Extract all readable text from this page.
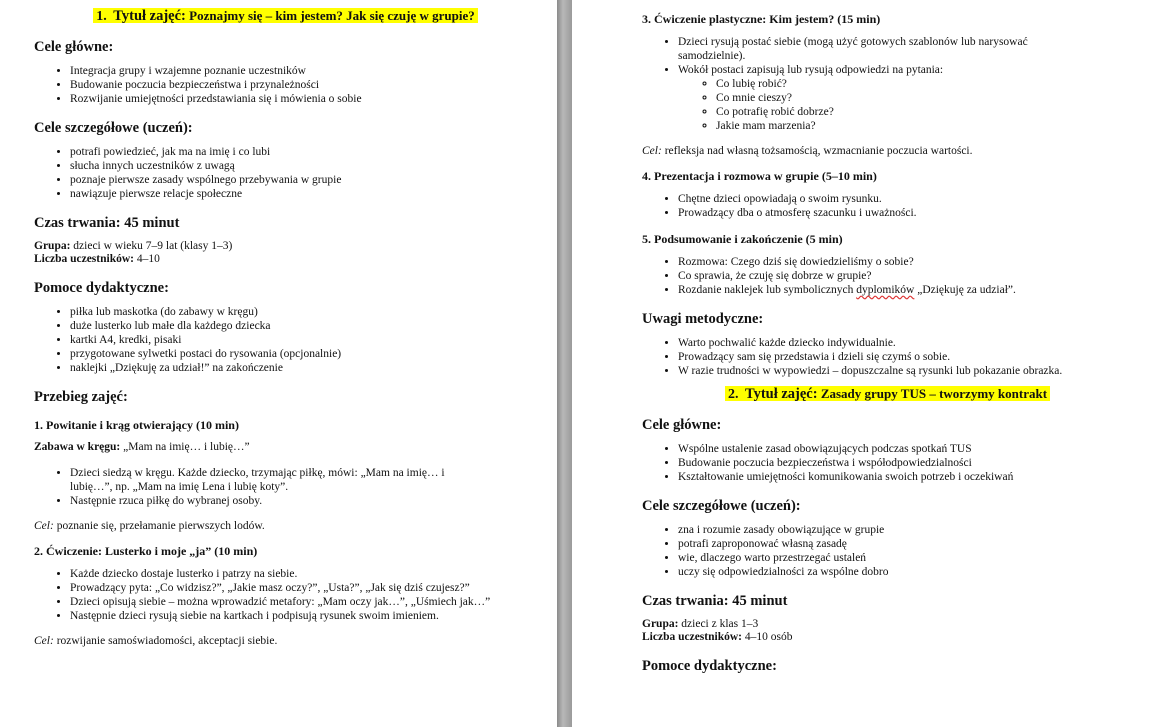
1. Tytuł zajęć: Poznajmy się – kim jestem? Jak się czuję w grupie?

Cele główne:
• Integracja grupy i wzajemne poznanie uczestników
• Budowanie poczucia bezpieczeństwa i przynależności
• Rozwijanie umiejętności przedstawiania się i mówienia o sobie
Cele szczegółowe (uczeń):
• potrafi powiedzieć, jak ma na imię i co lubi
• słucha innych uczestników z uwagą
• poznaje pierwsze zasady wspólnego przebywania w grupie
• nawiązuje pierwsze relacje społeczne
Czas trwania: 45 minut

Grupa: dzieci w wieku 7–9 lat (klasy 1–3)

Liczba uczestników: 4–10

Pomoce dydaktyczne:
• piłka lub maskotka (do zabawy w kręgu)
• duże lusterko lub małe dla każdego dziecka
• kartki A4, kredki, pisaki
• przygotowane sylwetki postaci do rysowania (opcjonalnie)
• naklejki „Dziękuję za udział!” na zakończenie
Przebieg zajęć:
1. Powitanie i krąg otwierający (10 min)

Zabawa w kręgu: „Mam na imię… i lubię…”

• Dzieci siedzą w kręgu. Każde dziecko, trzymając piłkę, mówi: „Mam na imię… i lubię…”, np. „Mam na imię Lena i lubię koty”.
• Następnie rzuca piłkę do wybranej osoby.

Cel: poznanie się, przełamanie pierwszych lodów.

2. Ćwiczenie: Lusterko i moje „ja” (10 min)
• Każde dziecko dostaje lusterko i patrzy na siebie.
• Prowadzący pyta: „Co widzisz?”, „Jakie masz oczy?”, „Usta?”, „Jak się dziś czujesz?”
• Dzieci opisują siebie – można wprowadzić metafory: „Mam oczy jak…”, „Uśmiech jak…”
• Następnie dzieci rysują siebie na kartkach i podpisują rysunek swoim imieniem.

Cel: rozwijanie samoświadomości, akceptacji siebie.

3. Ćwiczenie plastyczne: Kim jestem? (15 min)
• Dzieci rysują postać siebie (mogą użyć gotowych szablonów lub narysować samodzielnie).
• Wokół postaci zapisują lub rysują odpowiedzi na pytania:
◦ Co lubię robić?
◦ Co mnie cieszy?
◦ Co potrafię robić dobrze?
◦ Jakie mam marzenia?

Cel: refleksja nad własną tożsamością, wzmacnianie poczucia wartości.

4. Prezentacja i rozmowa w grupie (5–10 min)
• Chętne dzieci opowiadają o swoim rysunku.
• Prowadzący dba o atmosferę szacunku i uważności.
5. Podsumowanie i zakończenie (5 min)
• Rozmowa: Czego dziś się dowiedzieliśmy o sobie?
• Co sprawia, że czuję się dobrze w grupie?
• Rozdanie naklejek lub symbolicznych dyplomików „Dziękuję za udział”.
Uwagi metodyczne:
• Warto pochwalić każde dziecko indywidualnie.
• Prowadzący sam się przedstawia i dzieli się czymś o sobie.
• W razie trudności w wypowiedzi – dopuszczalne są rysunki lub pokazanie obrazka.

2. Tytuł zajęć: Zasady grupy TUS – tworzymy kontrakt

Cele główne:
• Wspólne ustalenie zasad obowiązujących podczas spotkań TUS
• Budowanie poczucia bezpieczeństwa i współodpowiedzialności
• Kształtowanie umiejętności komunikowania swoich potrzeb i oczekiwań
Cele szczegółowe (uczeń):
• zna i rozumie zasady obowiązujące w grupie
• potrafi zaproponować własną zasadę
• wie, dlaczego warto przestrzegać ustaleń
• uczy się odpowiedzialności za wspólne dobro
Czas trwania: 45 minut

Grupa: dzieci z klas 1–3

Liczba uczestników: 4–10 osób

Pomoce dydaktyczne:
